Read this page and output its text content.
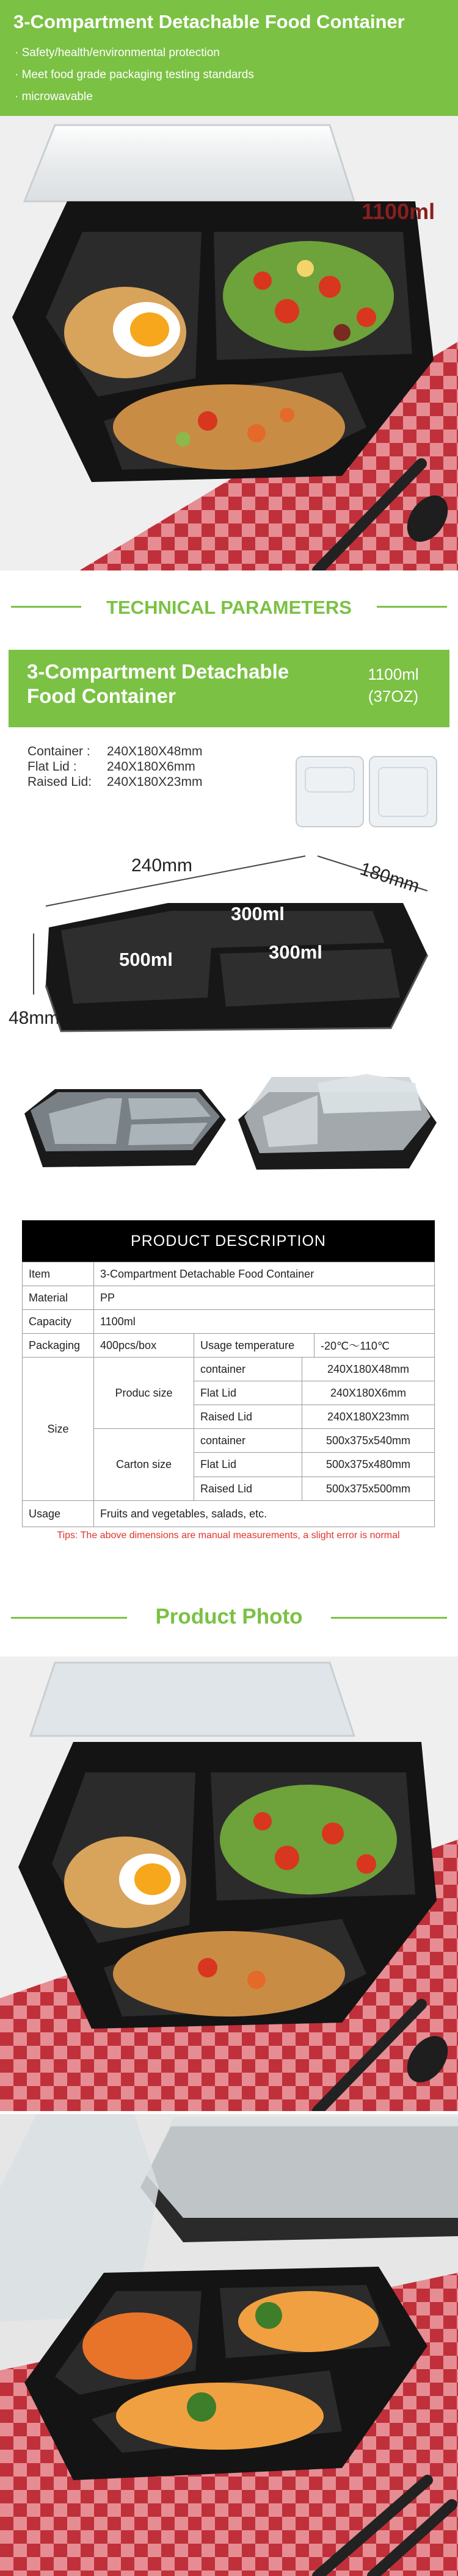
3-Compartment Detachable Food Container
· Safety/health/environmental protection
· Meet food grade packaging testing standards
· microwavable
1100ml
TECHNICAL PARAMETERS
3-Compartment Detachable Food Container
1100ml
(37OZ)
Container : 240X180X48mm
Flat Lid : 240X180X6mm
Raised Lid: 240X180X23mm
240mm	180mm
48mm
300ml
500ml	300ml
PRODUCT DESCRIPTION
Item	3-Compartment Detachable Food Container
Material	PP
Capacity	1100ml
Packaging	400pcs/box	Usage temperature	-20℃～110℃
Size
Produc size
container	240X180X48mm
Flat Lid	240X180X6mm
Raised Lid	240X180X23mm
Carton size
container	500x375x540mm
Flat Lid	500x375x480mm
Raised Lid	500x375x500mm
Usage	Fruits and vegetables, salads, etc.
Tips: The above dimensions are manual measurements, a slight error is normal
Product Photo
